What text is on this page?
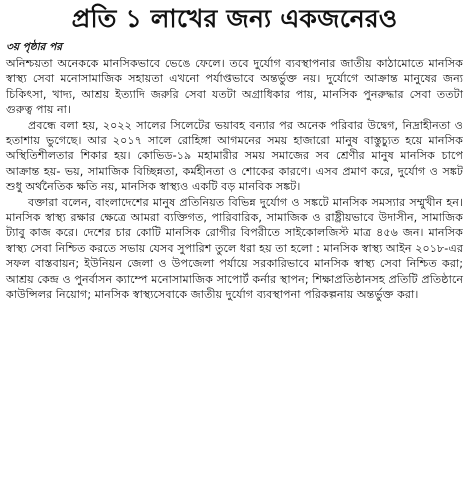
প্রতি ১ লাখের জন্য একজনেরও
৩য় পৃষ্ঠার পর

অনিশ্চয়তা অনেককে মানসিকভাবে ভেঙে ফেলে। তবে দুর্যোগ ব্যবস্থাপনার জাতীয় কাঠামোতে মানসিক স্বাস্থ্য সেবা মনোসামাজিক সহায়তা এখনো পর্যাপ্তভাবে অন্তর্ভুক্ত নয়। দুর্যোগে আক্রান্ত মানুষের জন্য চিকিৎসা, খাদ্য, আশ্রয় ইত্যাদি জরুরি সেবা যতটা অগ্রাধিকার পায়, মানসিক পুনরুদ্ধার সেবা ততটা গুরুত্ব পায় না।

প্রবন্ধে বলা হয়, ২০২২ সালের সিলেটের ভয়াবহ বন্যার পর অনেক পরিবার উদ্বেগ, নিদ্রাহীনতা ও হতাশায় ভুগেছে। আর ২০১৭ সালে রোহিঙ্গা আগমনের সময় হাজারো মানুষ বাস্তুচ্যুত হয়ে মানসিক অস্থিতিশীলতার শিকার হয়। কোভিড-১৯ মহামারীর সময় সমাজের সব শ্রেণীর মানুষ মানসিক চাপে আক্রান্ত হয়- ভয়, সামাজিক বিচ্ছিন্নতা, কর্মহীনতা ও শোকের কারণে। এসব প্রমাণ করে, দুর্যোগ ও সঙ্কট শুধু অর্থনৈতিক ক্ষতি নয়, মানসিক স্বাস্থ্যও একটি বড় মানবিক সঙ্কট।

বক্তারা বলেন, বাংলাদেশের মানুষ প্রতিনিয়ত বিভিন্ন দুর্যোগ ও সঙ্কটে মানসিক সমস্যার সম্মুখীন হন। মানসিক স্বাস্থ্য রক্ষার ক্ষেত্রে আমরা ব্যক্তিগত, পারিবারিক, সামাজিক ও রাষ্ট্রীয়ভাবে উদাসীন, সামাজিক ট্যাবু কাজ করে। দেশের চার কোটি মানসিক রোগীর বিপরীতে সাইকোলজিস্ট মাত্র ৪৫৬ জন। মানসিক স্বাস্থ্য সেবা নিশ্চিত করতে সভায় যেসব সুপারিশ তুলে ধরা হয় তা হলো : মানসিক স্বাস্থ্য আইন ২০১৮-এর সফল বাস্তবায়ন; ইউনিয়ন জেলা ও উপজেলা পর্যায়ে সরকারিভাবে মানসিক স্বাস্থ্য সেবা নিশ্চিত করা; আশ্রয় কেন্দ্র ও পুনর্বাসন ক্যাম্পে মনোসামাজিক সাপোর্ট কর্নার স্থাপন; শিক্ষাপ্রতিষ্ঠানসহ প্রতিটি প্রতিষ্ঠানে কাউন্সিলর নিয়োগ; মানসিক স্বাস্থ্যসেবাকে জাতীয় দুর্যোগ ব্যবস্থাপনা পরিকল্পনায় অন্তর্ভুক্ত করা।
